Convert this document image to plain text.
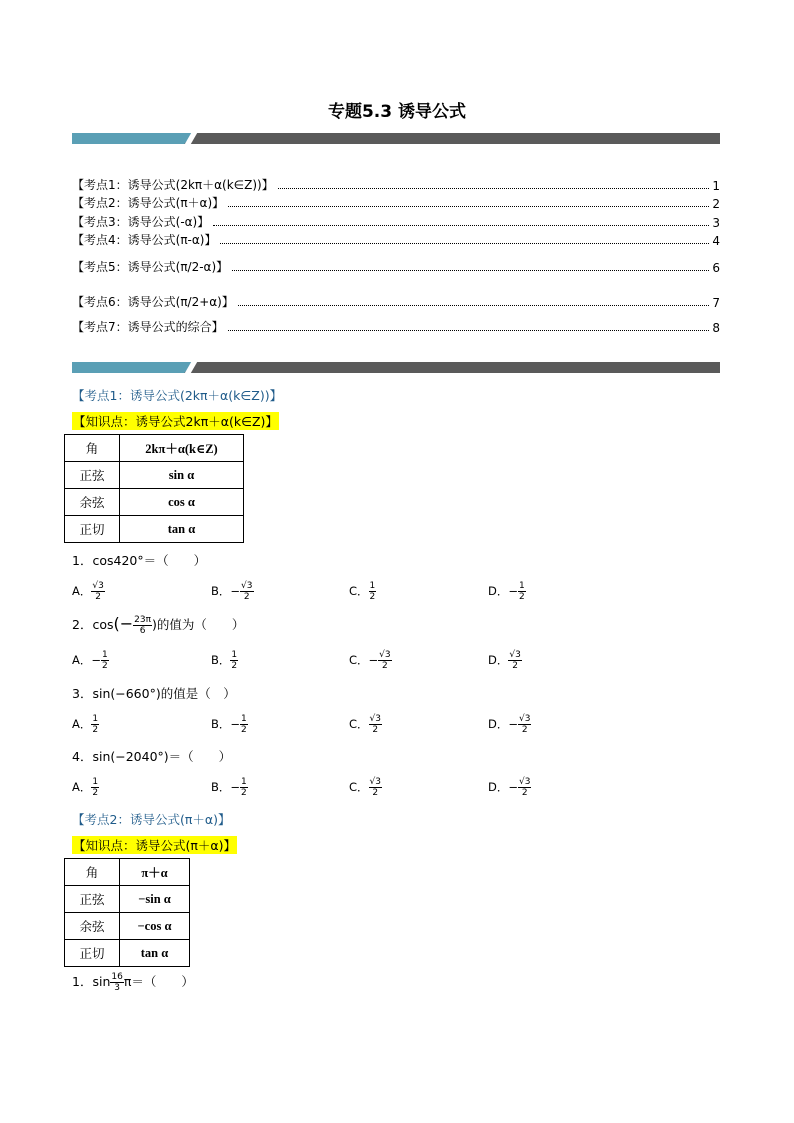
专题5.3 诱导公式
【考点1：诱导公式(2kπ＋α(k∈Z))】	1
【考点2：诱导公式(π＋α)】	2
【考点3：诱导公式(-α)】	3
【考点4：诱导公式(π-α)】	4
【考点5：诱导公式(π/2-α)】	6
【考点6：诱导公式(π/2+α)】	7
【考点7：诱导公式的综合】	8
【考点1：诱导公式(2kπ＋α(k∈Z))】
【知识点：诱导公式2kπ＋α(k∈Z)】
角	2kπ＋α(k∈Z)
正弦	sin α
余弦	cos α
正切	tan α
1．cos420°＝（　　）
A． $\frac{√3}{2}$	B．− $\frac{√3}{2}$	C． $\frac{1}{2}$	D．− $\frac{1}{2}$
2．$\cos(- \frac{23\pi}{6}$ )的值为（　　）
A．− $\frac{1}{2}$	B． $\frac{1}{2}$	C．− $\frac{√3}{2}$	D． $\frac{√3}{2}$
3．sin(−660°)的值是（　）
A． $\frac{1}{2}$	B．− $\frac{1}{2}$	C． $\frac{√3}{2}$	D．− $\frac{√3}{2}$
4．sin(−2040°)＝（　　）
A． $\frac{1}{2}$	B．− $\frac{1}{2}$	C． $\frac{√3}{2}$	D．− $\frac{√3}{2}$
【考点2：诱导公式(π＋α)】
【知识点：诱导公式(π＋α)】
角	π＋α
正弦	−sin α
余弦	−cos α
正切	tan α
1．$\sin \frac{16}{3} \pi=$（　　）
